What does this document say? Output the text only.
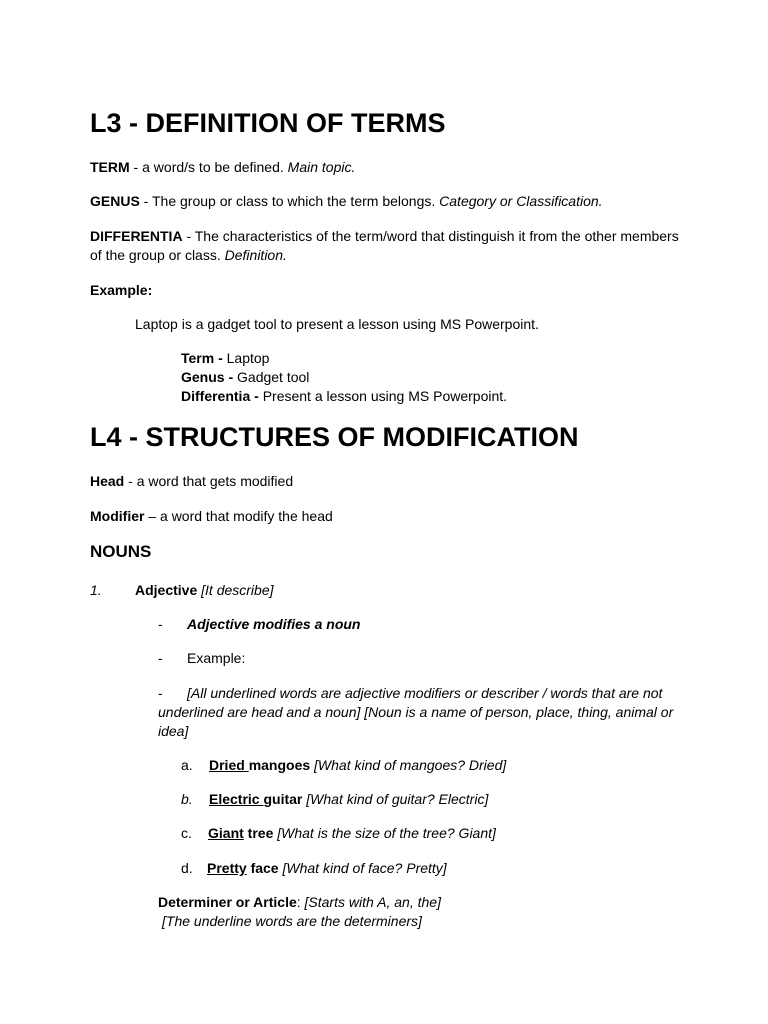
L3 - DEFINITION OF TERMS
TERM - a word/s to be defined. Main topic.
GENUS - The group or class to which the term belongs. Category or Classification.
DIFFERENTIA - The characteristics of the term/word that distinguish it from the other members
of the group or class. Definition.
Example:
Laptop is a gadget tool to present a lesson using MS Powerpoint.
Term - Laptop
Genus - Gadget tool
Differentia - Present a lesson using MS Powerpoint.
L4 - STRUCTURES OF MODIFICATION
Head - a word that gets modified
Modifier – a word that modify the head
NOUNS
1. Adjective [It describe]
- Adjective modifies a noun
- Example:
- [All underlined words are adjective modifiers or describer / words that are not
underlined are head and a noun] [Noun is a name of person, place, thing, animal or
idea]
a. Dried mangoes [What kind of mangoes? Dried]
b. Electric guitar [What kind of guitar? Electric]
c. Giant tree [What is the size of the tree? Giant]
d. Pretty face [What kind of face? Pretty]
Determiner or Article: [Starts with A, an, the]
[The underline words are the determiners]
